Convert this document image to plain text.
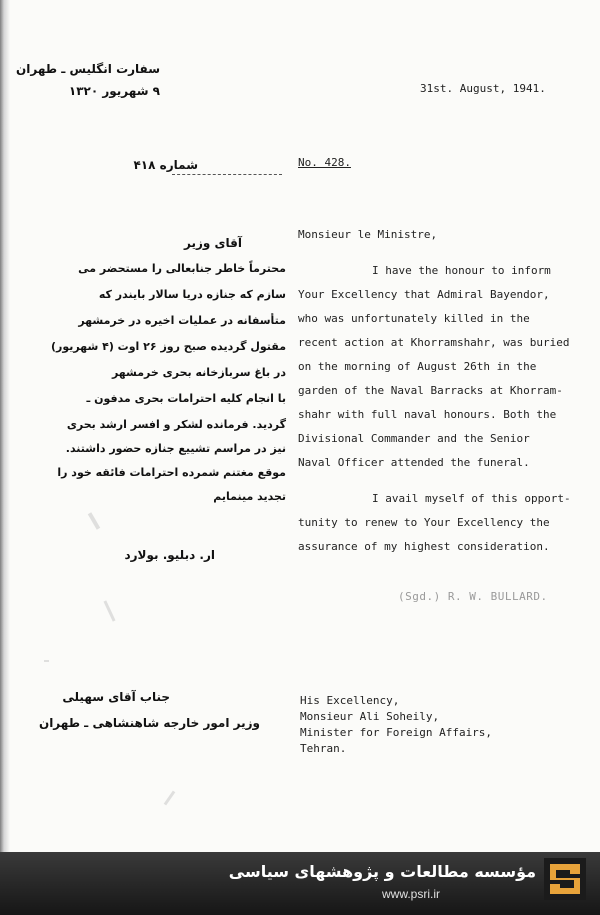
سفارت انگلیس ـ طهران
۹ شهریور ۱۳۲۰
شماره ۴۱۸
31st. August, 1941.
No. 428.
آقای وزیر
محترماً خاطر جنابعالی را مستحضر می
سازم که جنازه دریا سالار بایندر که
متأسفانه در عملیات اخیره در خرمشهر
مقتول گردیده صبح روز ۲۶ اوت (۴ شهریور)
در باغ سربازخانه بحری خرمشهر
با انجام کلیه احترامات بحری مدفون ـ
گردید. فرمانده لشکر و افسر ارشد بحری
نیز در مراسم تشییع جنازه حضور داشتند.
موقع مغتنم شمرده احترامات فائقه خود را
تجدید مینمایم
ار. دبلیو. بولارد
Monsieur le Ministre,
I have the honour to inform
Your Excellency that Admiral Bayendor,
who was unfortunately killed in the
recent action at Khorramshahr, was buried
on the morning of August 26th in the
garden of the Naval Barracks at Khorram-
shahr with full naval honours. Both the
Divisional Commander and the Senior
Naval Officer attended the funeral.
I avail myself of this opport-
tunity to renew to Your Excellency the
assurance of my highest consideration.
(Sgd.) R. W. BULLARD.
جناب آقای سهیلی
وزیر امور خارجه شاهنشاهی ـ طهران
His Excellency,
Monsieur Ali Soheily,
Minister for Foreign Affairs,
Tehran.
مؤسسه مطالعات و پژوهشهای سیاسی
www.psri.ir
